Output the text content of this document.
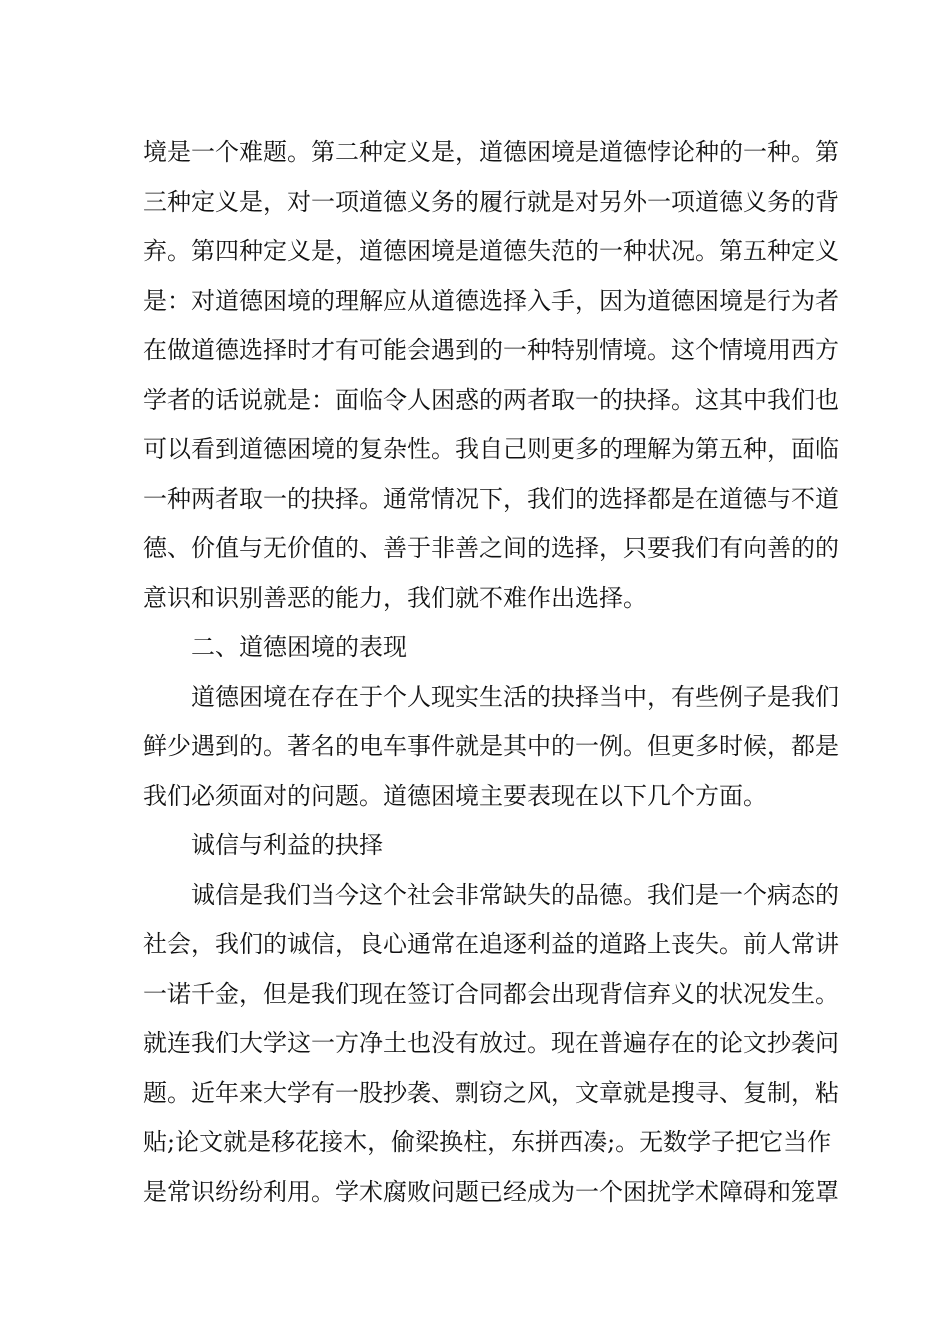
境是一个难题。第二种定义是，道德困境是道德悖论种的一种。第
三种定义是，对一项道德义务的履行就是对另外一项道德义务的背
弃。第四种定义是，道德困境是道德失范的一种状况。第五种定义
是：对道德困境的理解应从道德选择入手，因为道德困境是行为者
在做道德选择时才有可能会遇到的一种特别情境。这个情境用西方
学者的话说就是：面临令人困惑的两者取一的抉择。这其中我们也
可以看到道德困境的复杂性。我自己则更多的理解为第五种，面临
一种两者取一的抉择。通常情况下，我们的选择都是在道德与不道
德、价值与无价值的、善于非善之间的选择，只要我们有向善的的
意识和识别善恶的能力，我们就不难作出选择。
二、道德困境的表现
道德困境在存在于个人现实生活的抉择当中，有些例子是我们
鲜少遇到的。著名的电车事件就是其中的一例。但更多时候，都是
我们必须面对的问题。道德困境主要表现在以下几个方面。
诚信与利益的抉择
诚信是我们当今这个社会非常缺失的品德。我们是一个病态的
社会，我们的诚信，良心通常在追逐利益的道路上丧失。前人常讲
一诺千金，但是我们现在签订合同都会出现背信弃义的状况发生。
就连我们大学这一方净土也没有放过。现在普遍存在的论文抄袭问
题。近年来大学有一股抄袭、剽窃之风，文章就是搜寻、复制，粘
贴;论文就是移花接木，偷梁换柱，东拼西凑;。无数学子把它当作
是常识纷纷利用。学术腐败问题已经成为一个困扰学术障碍和笼罩
